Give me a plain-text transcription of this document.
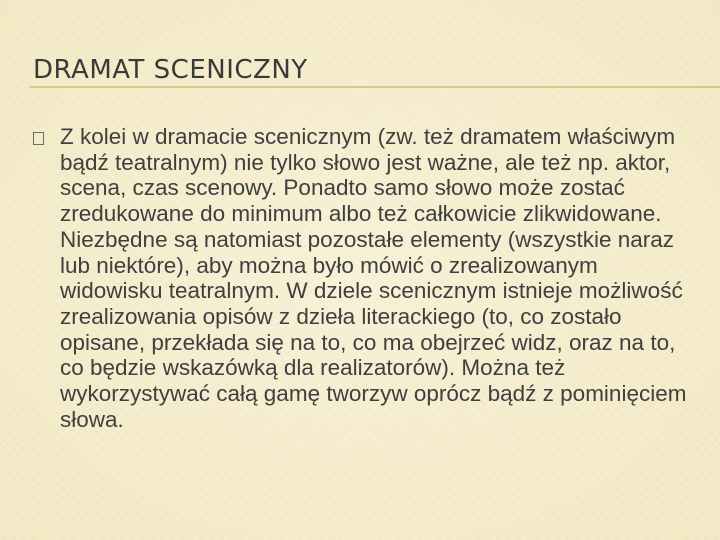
DRAMAT SCENICZNY

Z kolei w dramacie scenicznym (zw. też dramatem właściwym bądź teatralnym) nie tylko słowo jest ważne, ale też np. aktor, scena, czas scenowy. Ponadto samo słowo może zostać zredukowane do minimum albo też całkowicie zlikwidowane. Niezbędne są natomiast pozostałe elementy (wszystkie naraz lub niektóre), aby można było mówić o zrealizowanym widowisku teatralnym. W dziele scenicznym istnieje możliwość zrealizowania opisów z dzieła literackiego (to, co zostało opisane, przekłada się na to, co ma obejrzeć widz, oraz na to, co będzie wskazówką dla realizatorów). Można też wykorzystywać całą gamę tworzyw oprócz bądź z pominięciem słowa.
